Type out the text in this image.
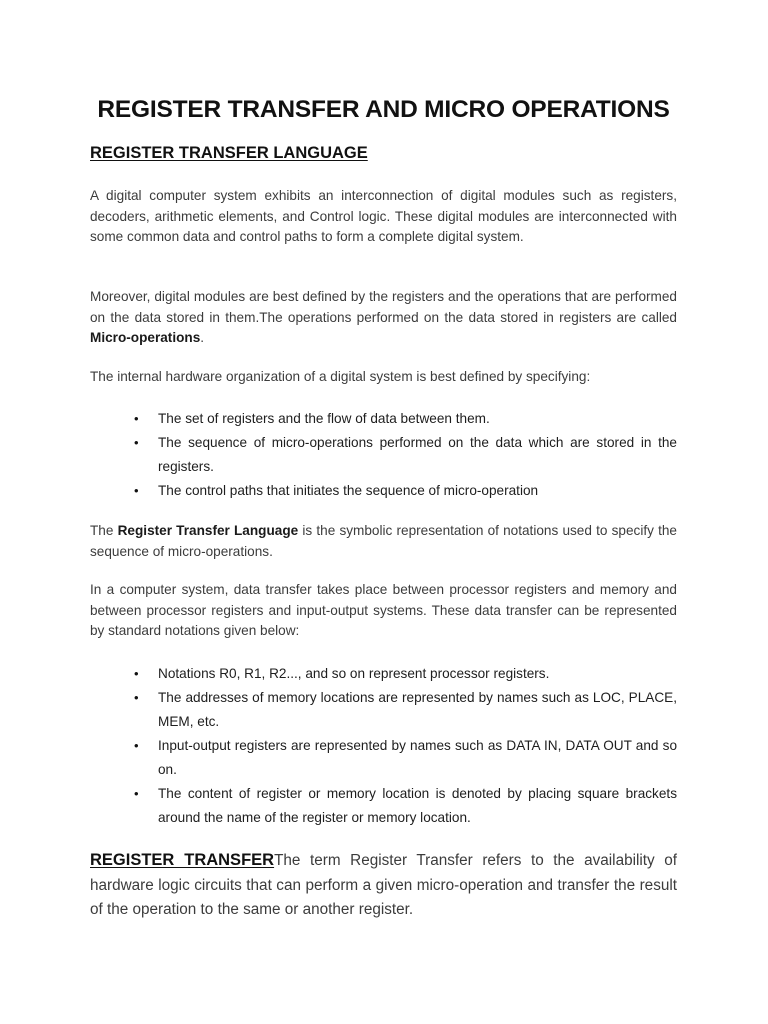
REGISTER TRANSFER AND MICRO OPERATIONS
REGISTER TRANSFER LANGUAGE

A digital computer system exhibits an interconnection of digital modules such as registers, decoders, arithmetic elements, and Control logic. These digital modules are interconnected with some common data and control paths to form a complete digital system.

Moreover, digital modules are best defined by the registers and the operations that are performed on the data stored in them.The operations performed on the data stored in registers are called Micro-operations.

The internal hardware organization of a digital system is best defined by specifying:

• The set of registers and the flow of data between them.
• The sequence of micro-operations performed on the data which are stored in the registers.
• The control paths that initiates the sequence of micro-operation

The Register Transfer Language is the symbolic representation of notations used to specify the sequence of micro-operations.

In a computer system, data transfer takes place between processor registers and memory and between processor registers and input-output systems. These data transfer can be represented by standard notations given below:

• Notations R0, R1, R2..., and so on represent processor registers.
• The addresses of memory locations are represented by names such as LOC, PLACE, MEM, etc.
• Input-output registers are represented by names such as DATA IN, DATA OUT and so on.
• The content of register or memory location is denoted by placing square brackets around the name of the register or memory location.

REGISTER TRANSFERThe term Register Transfer refers to the availability of hardware logic circuits that can perform a given micro-operation and transfer the result of the operation to the same or another register.
